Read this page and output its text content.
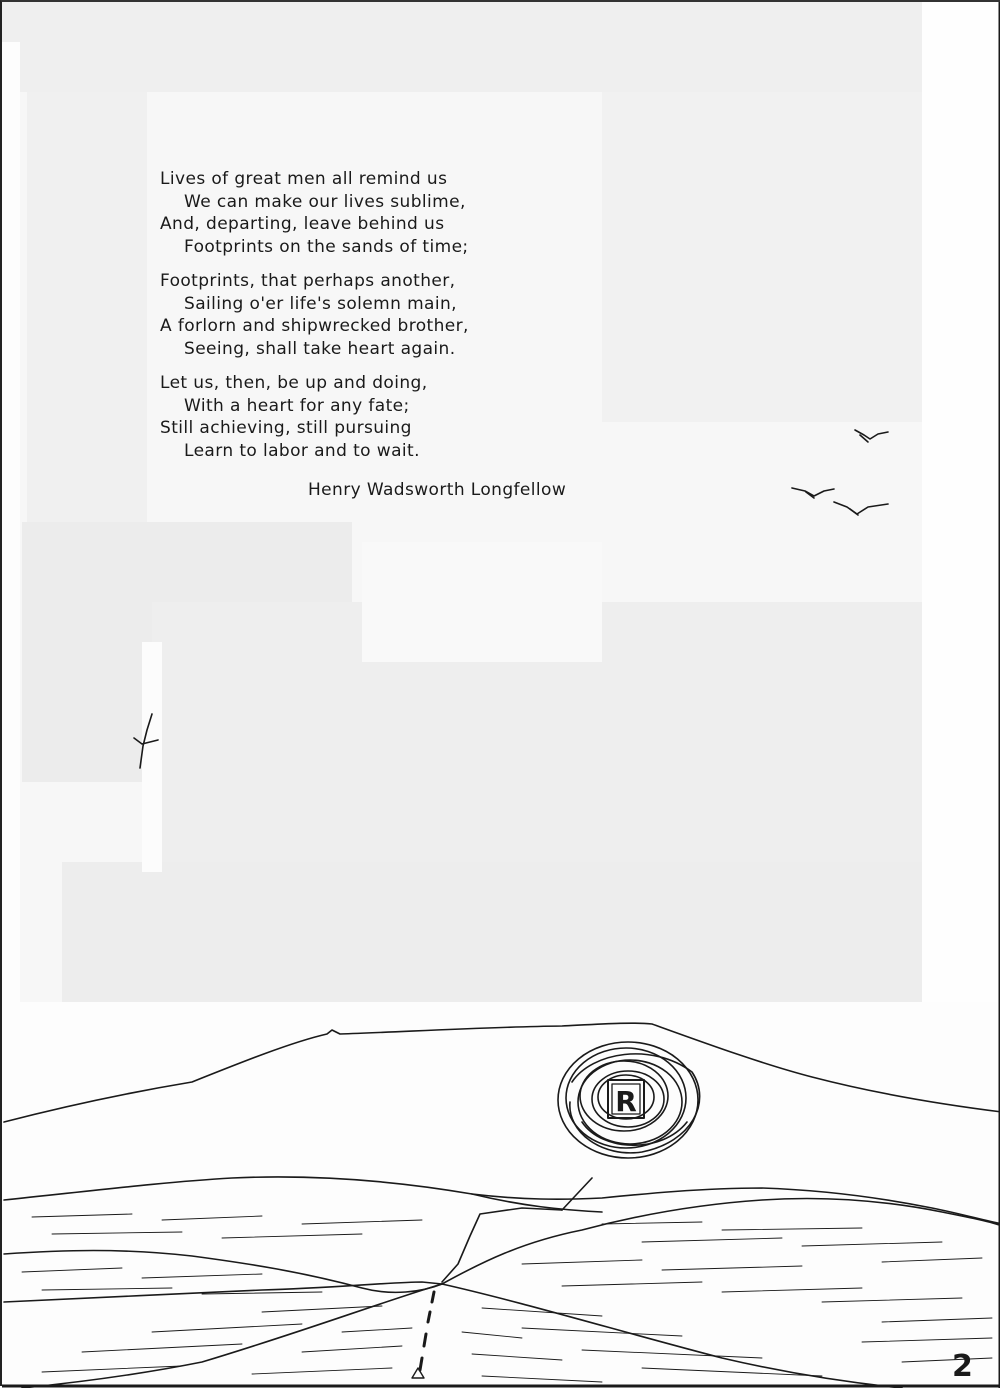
Lives of great men all remind us
We can make our lives sublime,
And, departing, leave behind us
Footprints on the sands of time;
Footprints, that perhaps another,
Sailing o'er life's solemn main,
A forlorn and shipwrecked brother,
Seeing, shall take heart again.
Let us, then, be up and doing,
With a heart for any fate;
Still achieving, still pursuing
Learn to labor and to wait.
Henry Wadsworth Longfellow
R
2
